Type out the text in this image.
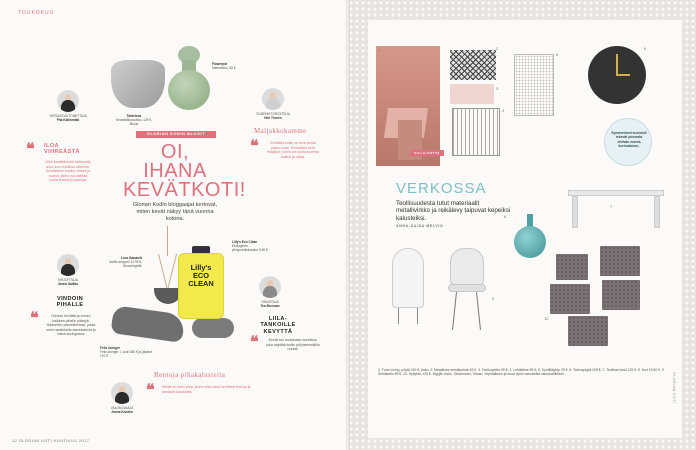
TOUKOKUU
Taideteos
Keramiikkaruukku, 129 €, Muuto
Flowerpot
Marimekko, 65 €
GLORIAN KODIN BLOGIT
OI,
IHANA
KEVÄTKOTI!
Glorian Kodin bloggaajat kertovat, miten kevät näkyy tänä vuonna kotona.
Lora Ihananiit
Judith-amppeli 12,95 €, Bloomingville
Felix lounger
Felix-lounger 1 -tuoli 380 € ja jakkara 170 €
Lilly's ECO CLEAN
Lilly's Eco Clean
Ekologinen yleispuhdistusaine 5,90 €
VIERAILEVA TOIMITTAJA
Piia Kalliomäki
❝ ILOA VIHREÄSTÄ
Olen kevättä kohti käännetty aina, kun huhtikuu lähenee. Kevääseen kuuluu vihreä ja ruukut, joihin voi vaihtaa uusia kukkia ja kasveja.
KIRJOITTAJA
Jonna Saikku
VINDOIN PIHALLE
❝	Odotan kevättä ja ennen kaikkea pihalle pääsyä. Haaveilen parvekkeesta, jossa voisi nautiskella aamukahvia ja lukea auringossa.
TAIDEHISTORIOITSIJA
Heli Thorén
Maljakkokamme
❝	Keväällä kotiin on kiva tuoda jotain uutta. Suosikkini ovat maljakot, joihin voi koota tuoreita kukkia ja oksia.
SISUSTAJA
Tea Brennan
LIILA-TANKOILLE KEVYTTÄ
❝	Kevät tuo mukanaan aurinkoa, joka näyttää kodin pölyisimmätkin nurkat.
VALOKUVAAJA
Jonna Kiviaho
Rentoja pihakalusteita
❝ Meillä on pieni piha, jonne etsin tänä keväänä rentoja ja kestäviä kalusteita.
12 GLORIAN KOTI HUHTIKUU 2017
VILLILUOTTA
1	2
3
4
5
6
Symmetriset kuviointi tekevät pinnasta ehtivän monta kurinaisinen.
7
VERKOSSA
Teollisuudesta tutut materiaalit metallivirkko ja reikälevy taipuvat kepeiksi kalusteiksi.
ANNA-KAISA MELVIO
8
9
10
1. Form Living -pöytä 249 €, Asko. 2. Metallinen seinäkoriste 49 €. 3. Torkkupeitto 39 €. 4. Lehtiteline 59 €. 5. Kynttilälyhty 29 €. 6. Sohvapöytä 199 €. 7. Teollinen tuoli 129 €. 8. Kori 19,90 €. 9. Seinäkello 89 €. 10. Hyllykkö 149 €. Myyjät: Asko, Stockmann, Tiimari, Vepsäläinen ja muut hyvin varustellut sisustusliikkeet.	GLORIAN KOTI
